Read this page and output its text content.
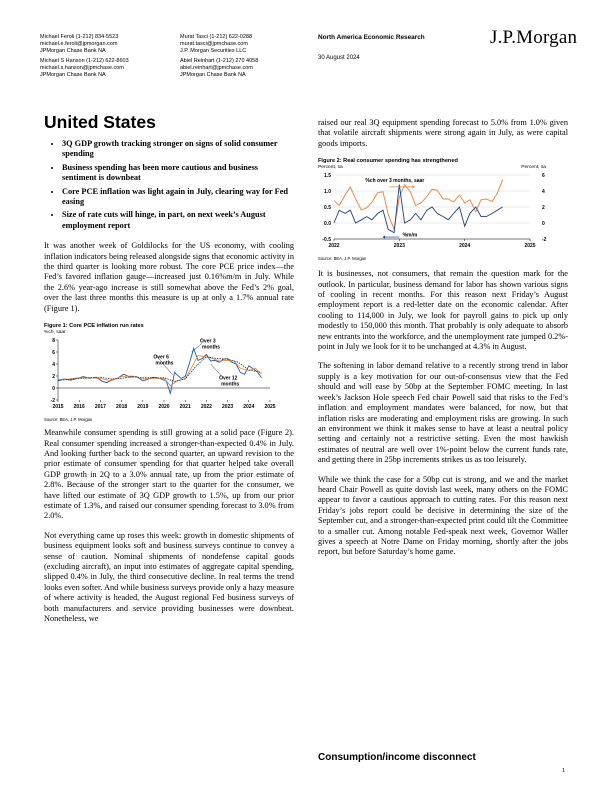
Michael Feroli (1-212) 834-5523
michael.e.feroli@jpmorgan.com
JPMorgan Chase Bank NA
Michael S Hanson (1-212) 622-8603
michael.s.hanson@jpmchase.com
JPMorgan Chase Bank NA
Murat Tasci (1-212) 622-0288
murat.tasci@jpmchase.com
J.P. Morgan Securities LLC
Abiel Reinhart (1-212) 270 4058
abiel.reinhart@jpmchase.com
JPMorgan Chase Bank NA
North America Economic Research
30 August 2024
J.P.Morgan
United States
• 3Q GDP growth tracking stronger on signs of solid consumer spending
• Business spending has been more cautious and business sentiment is downbeat
• Core PCE inflation was light again in July, clearing way for Fed easing
• Size of rate cuts will hinge, in part, on next week’s August employment report

It was another week of Goldilocks for the US economy, with cooling inflation indicators being released alongside signs that economic activity in the third quarter is looking more robust. The core PCE price index—the Fed’s favored inflation gauge—increased just 0.16%m/m in July. While the 2.6% year-ago increase is still somewhat above the Fed’s 2% goal, over the last three months this measure is up at only a 1.7% annual rate (Figure 1).

Figure 1: Core PCE inflation run rates
%ch, saar
-2
0
2
4
6
8
2015 2016 2017 2018 2019 2020 2021 2022 2023 2024 2025
Over 6
months
Over 3
months
Over 12
months
Source: BEA, J.P. Morgan

Meanwhile consumer spending is still growing at a solid pace (Figure 2). Real consumer spending increased a stronger-than-expected 0.4% in July. And looking further back to the second quarter, an upward revision to the prior estimate of consumer spending for that quarter helped take overall GDP growth in 2Q to a 3.0% annual rate, up from the prior estimate of 2.8%. Because of the stronger start to the quarter for the consumer, we have lifted our estimate of 3Q GDP growth to 1.5%, up from our prior estimate of 1.3%, and raised our consumer spending forecast to 3.0% from 2.0%.

Not everything came up roses this week: growth in domestic shipments of business equipment looks soft and business surveys continue to convey a sense of caution. Nominal shipments of nondefense capital goods (excluding aircraft), an input into estimates of aggregate capital spending, slipped 0.4% in July, the third consecutive decline. In real terms the trend looks even softer. And while business surveys provide only a hazy measure of where activity is headed, the August regional Fed business surveys of both manufacturers and service providing businesses were downbeat. Nonetheless, we

raised our real 3Q equipment spending forecast to 5.0% from 1.0% given that volatile aircraft shipments were strong again in July, as were capital goods imports.

Figure 2: Real consumer spending has strengthened
Percent, sa	Percent, sa
-0.5
0.0
0.5
1.0
1.5
-2
0
2
4
6
2022	2023	2024	2025
%ch over 3 months, saar
%m/m
Source: BEA, J.P. Morgan

It is businesses, not consumers, that remain the question mark for the outlook. In particular, business demand for labor has shown various signs of cooling in recent months. For this reason next Friday’s August employment report is a red-letter date on the economic calendar. After cooling to 114,000 in July, we look for payroll gains to pick up only modestly to 150,000 this month. That probably is only adequate to absorb new entrants into the workforce, and the unemployment rate jumped 0.2%-point in July we look for it to be unchanged at 4.3% in August.

The softening in labor demand relative to a recently strong trend in labor supply is a key motivation for our out-of-consensus view that the Fed should and will ease by 50bp at the September FOMC meeting. In last week’s Jackson Hole speech Fed chair Powell said that risks to the Fed’s inflation and employment mandates were balanced, for now, but that inflation risks are moderating and employment risks are growing. In such an environment we think it makes sense to have at least a neutral policy setting and certainly not a restrictive setting. Even the most hawkish estimates of neutral are well over 1%-point below the current funds rate, and getting there in 25bp increments strikes us as too leisurely.

While we think the case for a 50bp cut is strong, and we and the market heard Chair Powell as quite dovish last week, many others on the FOMC appear to favor a cautious approach to cutting rates. For this reason next Friday’s jobs report could be decisive in determining the size of the September cut, and a stronger-than-expected print could tilt the Committee to a smaller cut. Among notable Fed-speak next week, Governor Waller gives a speech at Notre Dame on Friday morning, shortly after the jobs report, but before Saturday’s home game.

Consumption/income disconnect
1
